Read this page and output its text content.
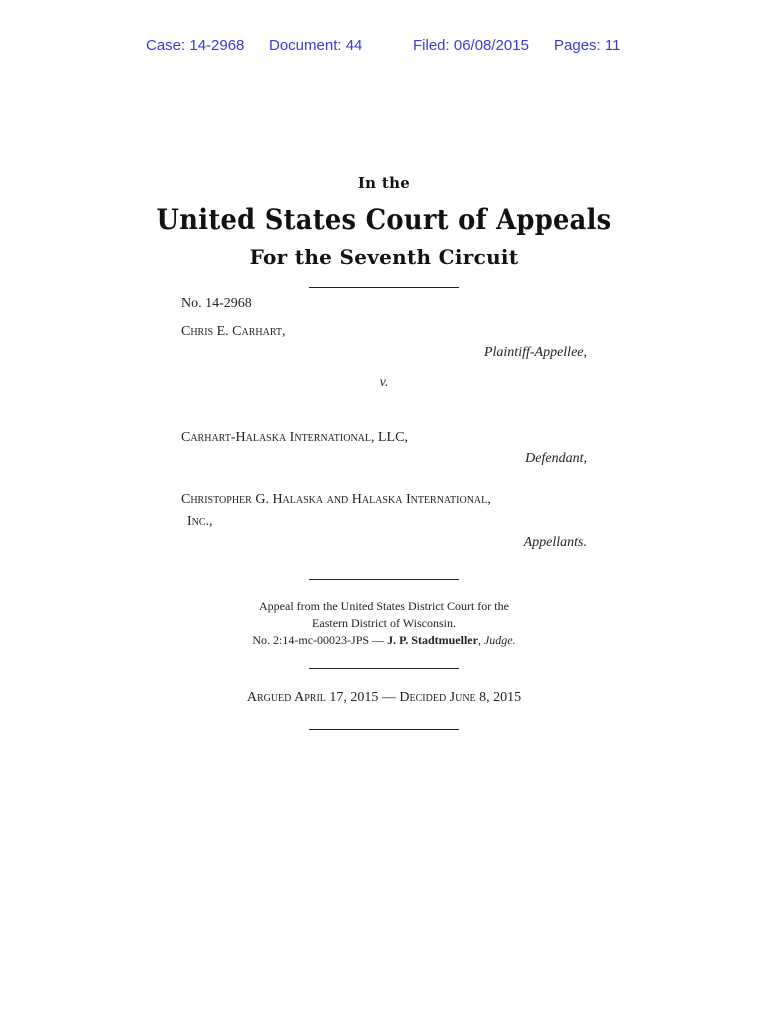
Case: 14-2968 Document: 44	Filed: 06/08/2015 Pages: 11
In the
United States Court of Appeals
For the Seventh Circuit
No. 14-2968
Chris E. Carhart,
Plaintiff-Appellee,
v.
Carhart-Halaska International, LLC,
Defendant,
Christopher G. Halaska and Halaska International,
Inc.,
Appellants.
Appeal from the United States District Court for the
Eastern District of Wisconsin.
No. 2:14-mc-00023-JPS — J. P. Stadtmueller, Judge.
Argued April 17, 2015 — Decided June 8, 2015
